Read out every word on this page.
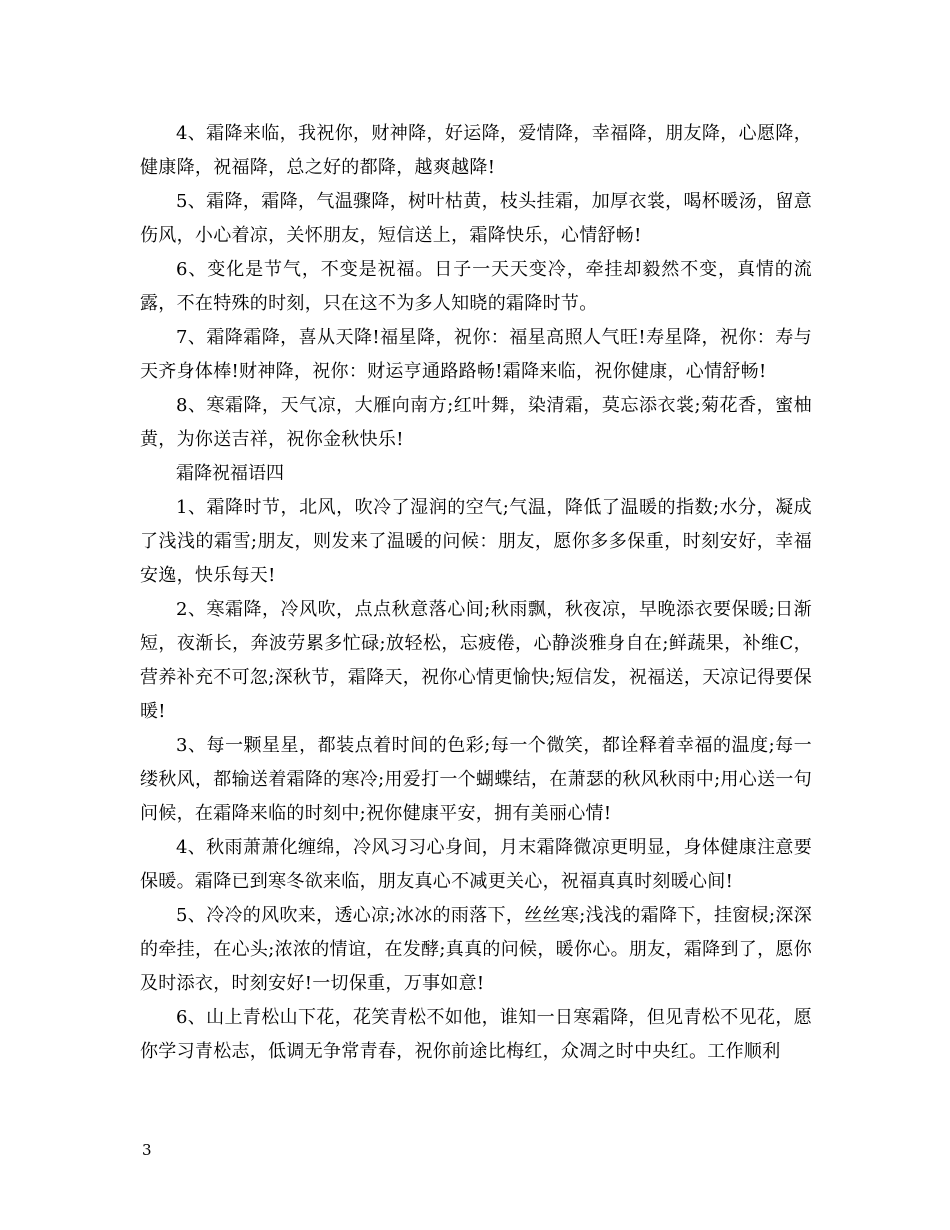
4、霜降来临，我祝你，财神降，好运降，爱情降，幸福降，朋友降，心愿降，健康降，祝福降，总之好的都降，越爽越降!

5、霜降，霜降，气温骤降，树叶枯黄，枝头挂霜，加厚衣裳，喝杯暖汤，留意伤风，小心着凉，关怀朋友，短信送上，霜降快乐，心情舒畅!

6、变化是节气，不变是祝福。日子一天天变冷，牵挂却毅然不变，真情的流露，不在特殊的时刻，只在这不为多人知晓的霜降时节。

7、霜降霜降，喜从天降!福星降，祝你：福星高照人气旺!寿星降，祝你：寿与天齐身体棒!财神降，祝你：财运亨通路路畅!霜降来临，祝你健康，心情舒畅!

8、寒霜降，天气凉，大雁向南方;红叶舞，染清霜，莫忘添衣裳;菊花香，蜜柚黄，为你送吉祥，祝你金秋快乐!

霜降祝福语四

1、霜降时节，北风，吹冷了湿润的空气;气温，降低了温暖的指数;水分，凝成了浅浅的霜雪;朋友，则发来了温暖的问候：朋友，愿你多多保重，时刻安好，幸福安逸，快乐每天!

2、寒霜降，冷风吹，点点秋意落心间;秋雨飘，秋夜凉，早晚添衣要保暖;日渐短，夜渐长，奔波劳累多忙碌;放轻松，忘疲倦，心静淡雅身自在;鲜蔬果，补维C，营养补充不可忽;深秋节，霜降天，祝你心情更愉快;短信发，祝福送，天凉记得要保暖!

3、每一颗星星，都装点着时间的色彩;每一个微笑，都诠释着幸福的温度;每一缕秋风，都输送着霜降的寒冷;用爱打一个蝴蝶结，在萧瑟的秋风秋雨中;用心送一句问候，在霜降来临的时刻中;祝你健康平安，拥有美丽心情!

4、秋雨萧萧化缠绵，冷风习习心身间，月末霜降微凉更明显，身体健康注意要保暖。霜降已到寒冬欲来临，朋友真心不减更关心，祝福真真时刻暖心间!

5、冷冷的风吹来，透心凉;冰冰的雨落下，丝丝寒;浅浅的霜降下，挂窗棂;深深的牵挂，在心头;浓浓的情谊，在发酵;真真的问候，暖你心。朋友，霜降到了，愿你及时添衣，时刻安好!一切保重，万事如意!

6、山上青松山下花，花笑青松不如他，谁知一日寒霜降，但见青松不见花，愿你学习青松志，低调无争常青春，祝你前途比梅红，众凋之时中央红。工作顺利

3
